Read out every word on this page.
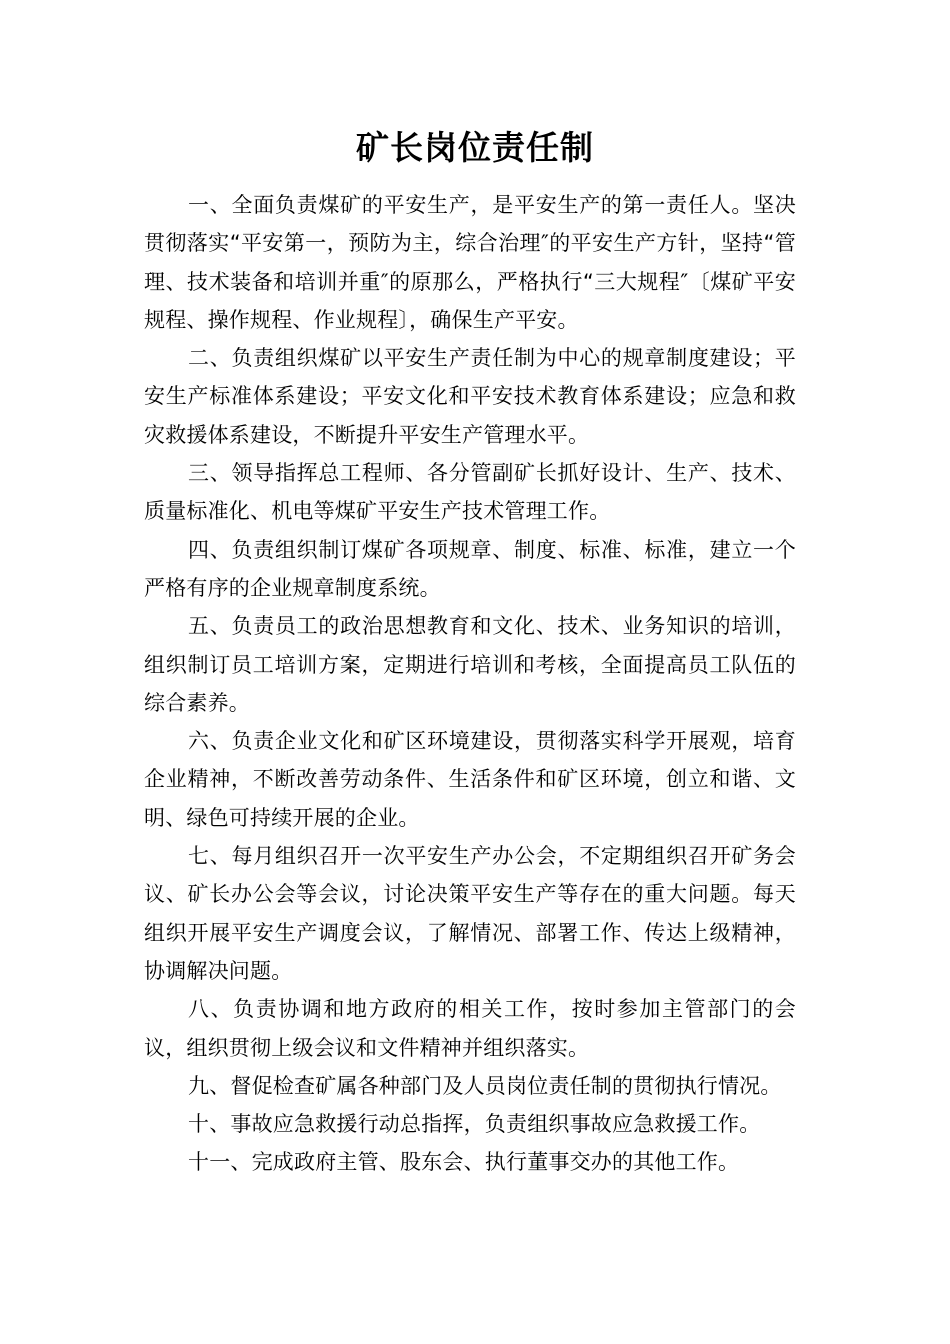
矿长岗位责任制

一、全面负责煤矿的平安生产，是平安生产的第一责任人。坚决贯彻落实“平安第一，预防为主，综合治理″的平安生产方针，坚持“管理、技术装备和培训并重″的原那么，严格执行“三大规程″〔煤矿平安规程、操作规程、作业规程〕，确保生产平安。

二、负责组织煤矿以平安生产责任制为中心的规章制度建设；平安生产标准体系建设；平安文化和平安技术教育体系建设；应急和救灾救援体系建设，不断提升平安生产管理水平。

三、领导指挥总工程师、各分管副矿长抓好设计、生产、技术、质量标准化、机电等煤矿平安生产技术管理工作。

四、负责组织制订煤矿各项规章、制度、标准、标准，建立一个严格有序的企业规章制度系统。

五、负责员工的政治思想教育和文化、技术、业务知识的培训，组织制订员工培训方案，定期进行培训和考核，全面提高员工队伍的综合素养。

六、负责企业文化和矿区环境建设，贯彻落实科学开展观，培育企业精神，不断改善劳动条件、生活条件和矿区环境，创立和谐、文明、绿色可持续开展的企业。

七、每月组织召开一次平安生产办公会，不定期组织召开矿务会议、矿长办公会等会议，讨论决策平安生产等存在的重大问题。每天组织开展平安生产调度会议，了解情况、部署工作、传达上级精神，协调解决问题。

八、负责协调和地方政府的相关工作，按时参加主管部门的会议，组织贯彻上级会议和文件精神并组织落实。

九、督促检查矿属各种部门及人员岗位责任制的贯彻执行情况。

十、事故应急救援行动总指挥，负责组织事故应急救援工作。

十一、完成政府主管、股东会、执行董事交办的其他工作。
